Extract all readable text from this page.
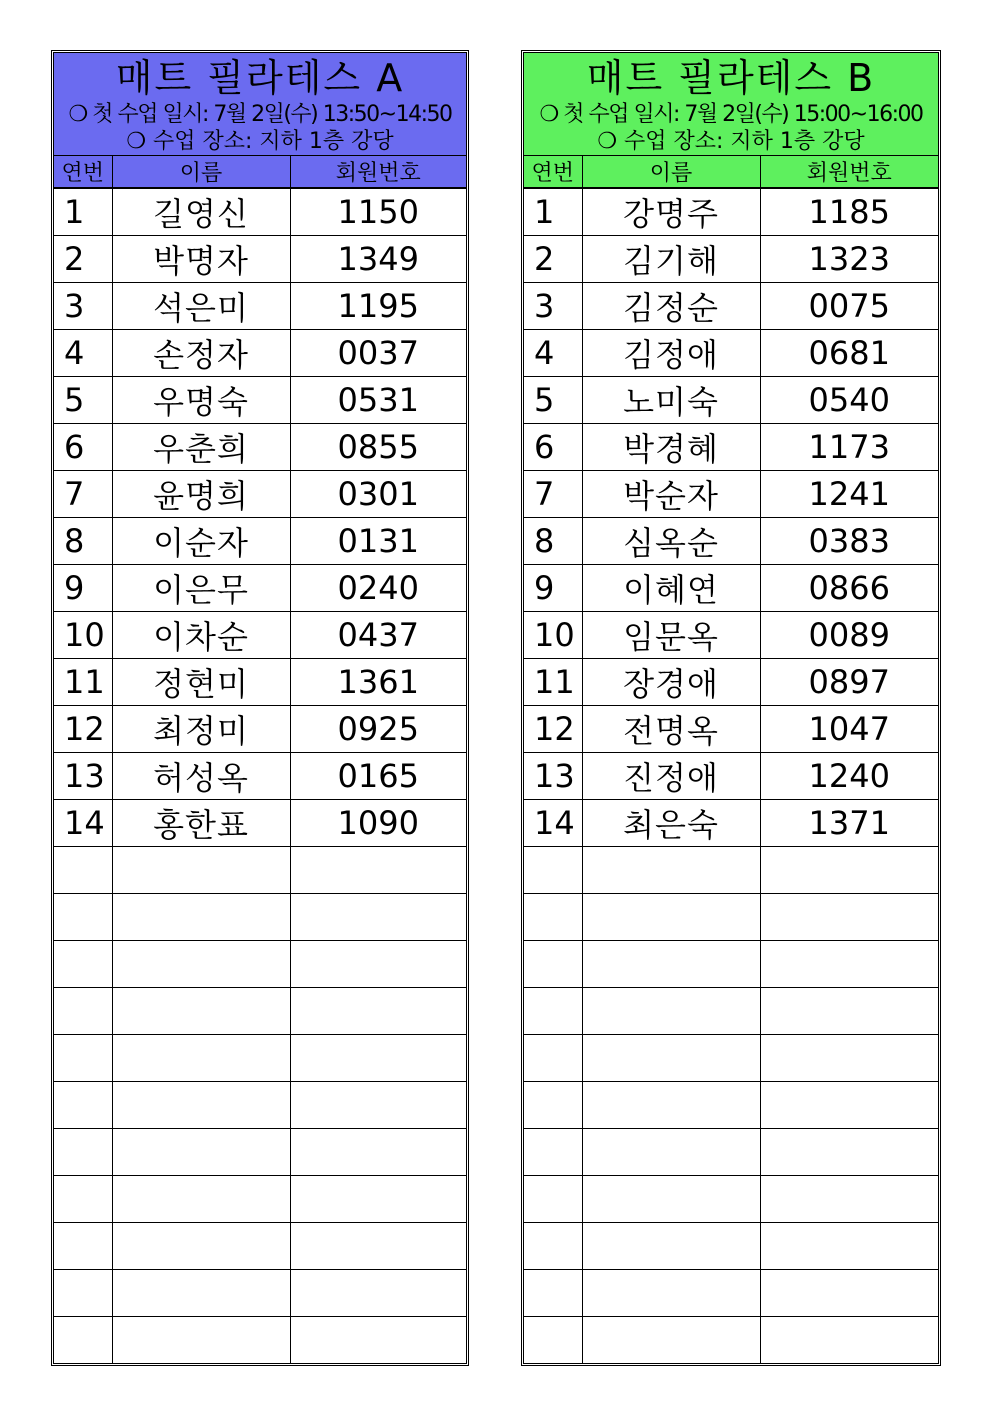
매트 필라테스 A
❍ 첫 수업 일시: 7월 2일(수) 13:50~14:50
❍ 수업 장소: 지하 1층 강당
연번	이름	회원번호
1	길영신	1150
2	박명자	1349
3	석은미	1195
4	손정자	0037
5	우명숙	0531
6	우춘희	0855
7	윤명희	0301
8	이순자	0131
9	이은무	0240
10	이차순	0437
11	정현미	1361
12	최정미	0925
13	허성옥	0165
14	홍한표	1090

매트 필라테스 B
❍ 첫 수업 일시: 7월 2일(수) 15:00~16:00
❍ 수업 장소: 지하 1층 강당
연번	이름	회원번호
1	강명주	1185
2	김기해	1323
3	김정순	0075
4	김정애	0681
5	노미숙	0540
6	박경혜	1173
7	박순자	1241
8	심옥순	0383
9	이혜연	0866
10	임문옥	0089
11	장경애	0897
12	전명옥	1047
13	진정애	1240
14	최은숙	1371
